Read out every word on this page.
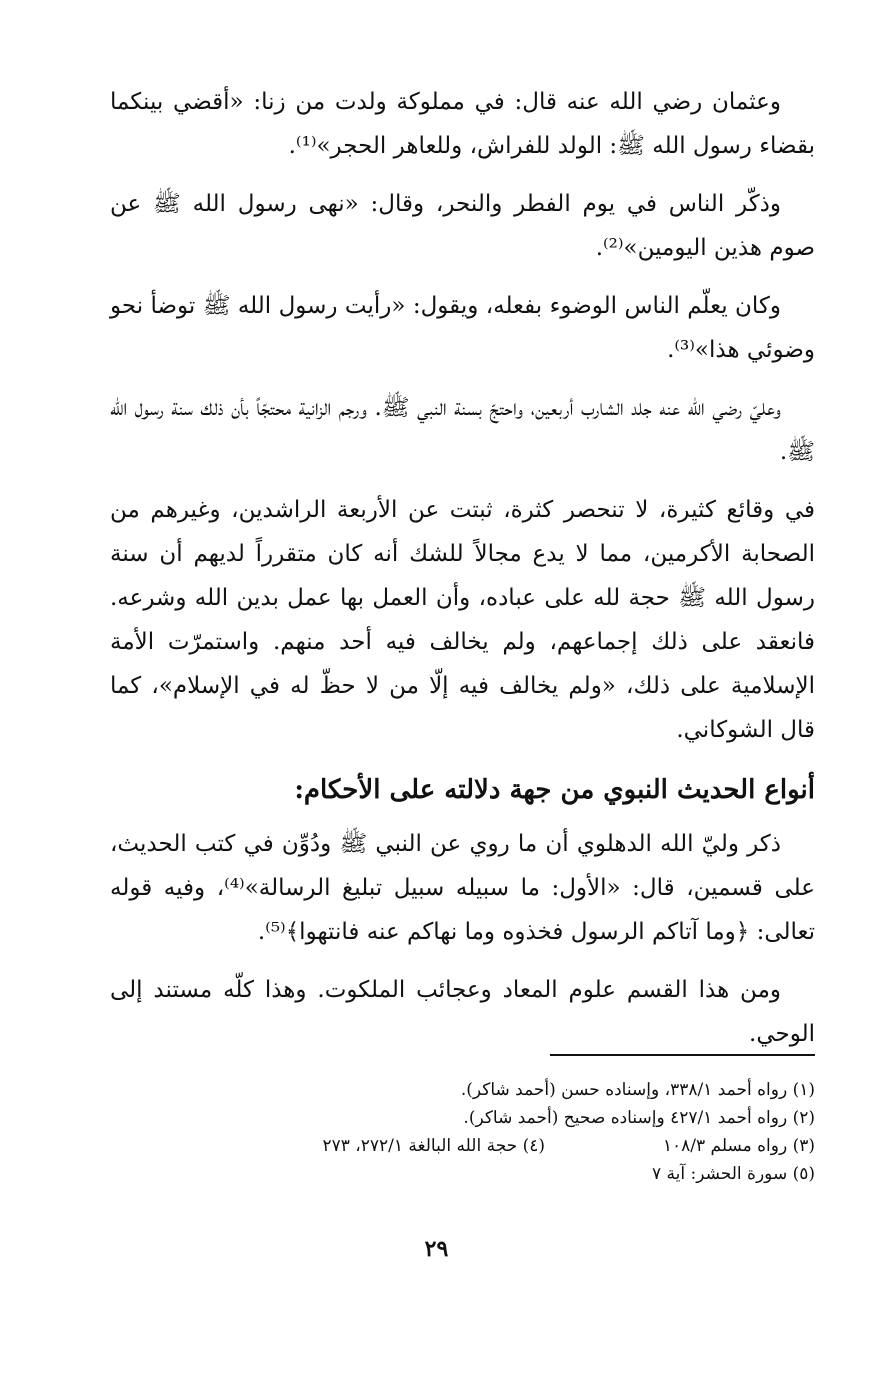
وعثمان رضي الله عنه قال: في مملوكة ولدت من زنا: «أقضي بينكما بقضاء رسول الله ﷺ: الولد للفراش، وللعاهر الحجر»⁽¹⁾.

وذكّر الناس في يوم الفطر والنحر، وقال: «نهى رسول الله ﷺ عن صوم هذين اليومين»⁽²⁾.

وكان يعلّم الناس الوضوء بفعله، ويقول: «رأيت رسول الله ﷺ توضأ نحو وضوئي هذا»⁽³⁾.

وعليّ رضي الله عنه جلد الشارب أربعين، واحتجّ بسنة النبي ﷺ. ورجم الزانية محتجّاً بأن ذلك سنة رسول الله ﷺ.

في وقائع كثيرة، لا تنحصر كثرة، ثبتت عن الأربعة الراشدين، وغيرهم من الصحابة الأكرمين، مما لا يدع مجالاً للشك أنه كان متقرراً لديهم أن سنة رسول الله ﷺ حجة لله على عباده، وأن العمل بها عمل بدين الله وشرعه. فانعقد على ذلك إجماعهم، ولم يخالف فيه أحد منهم. واستمرّت الأمة الإسلامية على ذلك، «ولم يخالف فيه إلّا من لا حظّ له في الإسلام»، كما قال الشوكاني.

أنواع الحديث النبوي من جهة دلالته على الأحكام:

ذكر وليّ الله الدهلوي أن ما روي عن النبي ﷺ ودُوِّن في كتب الحديث، على قسمين، قال: «الأول: ما سبيله سبيل تبليغ الرسالة»⁽⁴⁾، وفيه قوله تعالى: ﴿وما آتاكم الرسول فخذوه وما نهاكم عنه فانتهوا﴾⁽⁵⁾.

ومن هذا القسم علوم المعاد وعجائب الملكوت. وهذا كلّه مستند إلى الوحي.

(١) رواه أحمد ٣٣٨/١، وإسناده حسن (أحمد شاكر).
(٢) رواه أحمد ٤٢٧/١ وإسناده صحيح (أحمد شاكر).
(٣) رواه مسلم ١٠٨/٣
(٤) حجة الله البالغة ٢٧٢/١، ٢٧٣
(٥) سورة الحشر: آية ٧
٢٩
